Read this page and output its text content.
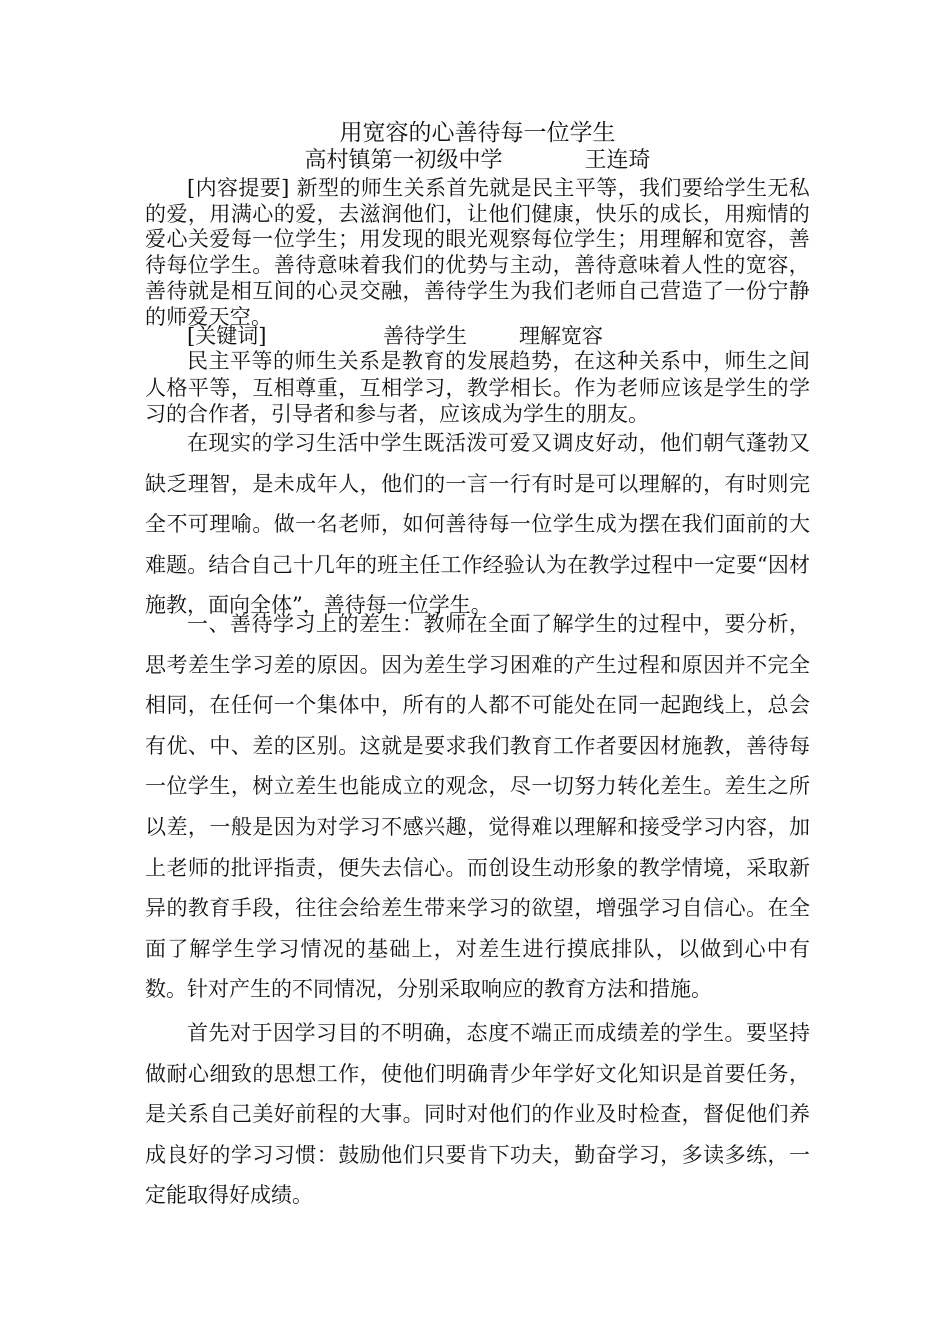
用宽容的心善待每一位学生
高村镇第一初级中学	王连琦

[内容提要] 新型的师生关系首先就是民主平等，我们要给学生无私的爱，用满心的爱，去滋润他们，让他们健康，快乐的成长，用痴情的爱心关爱每一位学生；用发现的眼光观察每位学生；用理解和宽容，善待每位学生。善待意味着我们的优势与主动，善待意味着人性的宽容，善待就是相互间的心灵交融，善待学生为我们老师自己营造了一份宁静的师爱天空。

[关键词]	善待学生 理解宽容

民主平等的师生关系是教育的发展趋势，在这种关系中，师生之间人格平等，互相尊重，互相学习，教学相长。作为老师应该是学生的学习的合作者，引导者和参与者，应该成为学生的朋友。

在现实的学习生活中学生既活泼可爱又调皮好动，他们朝气蓬勃又缺乏理智，是未成年人，他们的一言一行有时是可以理解的，有时则完全不可理喻。做一名老师，如何善待每一位学生成为摆在我们面前的大难题。结合自己十几年的班主任工作经验认为在教学过程中一定要“因材施教，面向全体”，善待每一位学生。

一、善待学习上的差生：教师在全面了解学生的过程中，要分析，思考差生学习差的原因。因为差生学习困难的产生过程和原因并不完全相同，在任何一个集体中，所有的人都不可能处在同一起跑线上，总会有优、中、差的区别。这就是要求我们教育工作者要因材施教，善待每一位学生，树立差生也能成立的观念，尽一切努力转化差生。差生之所以差，一般是因为对学习不感兴趣，觉得难以理解和接受学习内容，加上老师的批评指责，便失去信心。而创设生动形象的教学情境，采取新异的教育手段，往往会给差生带来学习的欲望，增强学习自信心。在全面了解学生学习情况的基础上，对差生进行摸底排队，以做到心中有数。针对产生的不同情况，分别采取响应的教育方法和措施。

首先对于因学习目的不明确，态度不端正而成绩差的学生。要坚持做耐心细致的思想工作，使他们明确青少年学好文化知识是首要任务，是关系自己美好前程的大事。同时对他们的作业及时检查，督促他们养成良好的学习习惯：鼓励他们只要肯下功夫，勤奋学习，多读多练，一定能取得好成绩。
